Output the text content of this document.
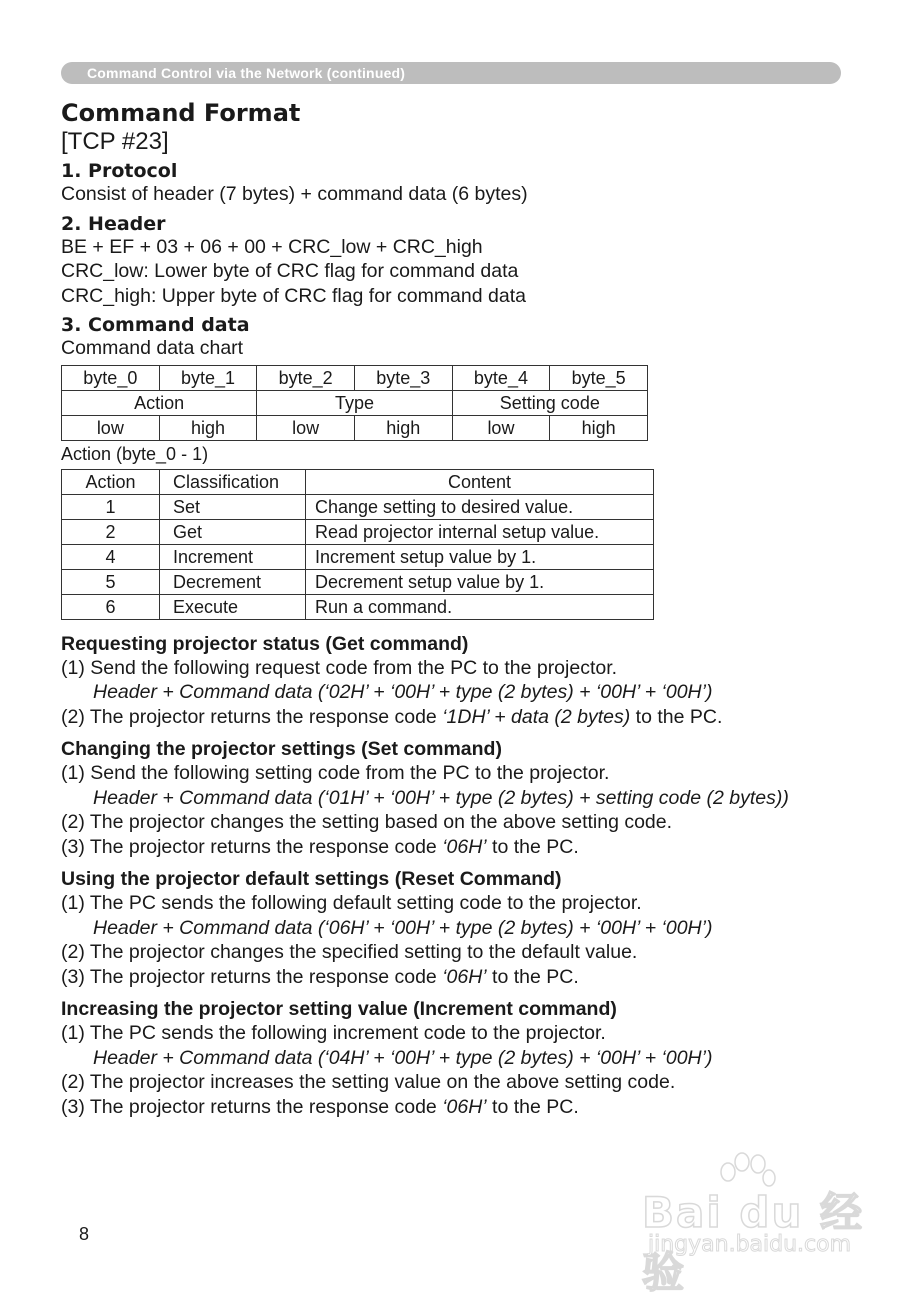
Command Control via the Network (continued)
Command Format
[TCP #23]
1. Protocol
Consist of header (7 bytes) + command data (6 bytes)
2. Header
BE + EF + 03 + 06 + 00 + CRC_low + CRC_high
CRC_low: Lower byte of CRC flag for command data
CRC_high: Upper byte of CRC flag for command data
3. Command data
Command data chart
byte_0	byte_1	byte_2	byte_3	byte_4	byte_5
Action		Type		Setting code	
low	high	low	high	low	high
Action (byte_0 - 1)
Action	Classification	Content
1	Set	Change setting to desired value.
2	Get	Read projector internal setup value.
4	Increment	Increment setup value by 1.
5	Decrement	Decrement setup value by 1.
6	Execute	Run a command.
Requesting projector status (Get command)
(1) Send the following request code from the PC to the projector.
Header + Command data (‘02H’ + ‘00H’ + type (2 bytes) + ‘00H’ + ‘00H’)
(2) The projector returns the response code ‘1DH’ + data (2 bytes) to the PC.
Changing the projector settings (Set command)
(1) Send the following setting code from the PC to the projector.
Header + Command data (‘01H’ + ‘00H’ + type (2 bytes) + setting code (2 bytes))
(2) The projector changes the setting based on the above setting code.
(3) The projector returns the response code ‘06H’ to the PC.
Using the projector default settings (Reset Command)
(1) The PC sends the following default setting code to the projector.
Header + Command data (‘06H’ + ‘00H’ + type (2 bytes) + ‘00H’ + ‘00H’)
(2) The projector changes the specified setting to the default value.
(3) The projector returns the response code ‘06H’ to the PC.
Increasing the projector setting value (Increment command)
(1) The PC sends the following increment code to the projector.
Header + Command data (‘04H’ + ‘00H’ + type (2 bytes) + ‘00H’ + ‘00H’)
(2) The projector increases the setting value on the above setting code.
(3) The projector returns the response code ‘06H’ to the PC.
8	Bai du 经验
jingyan.baidu.com
